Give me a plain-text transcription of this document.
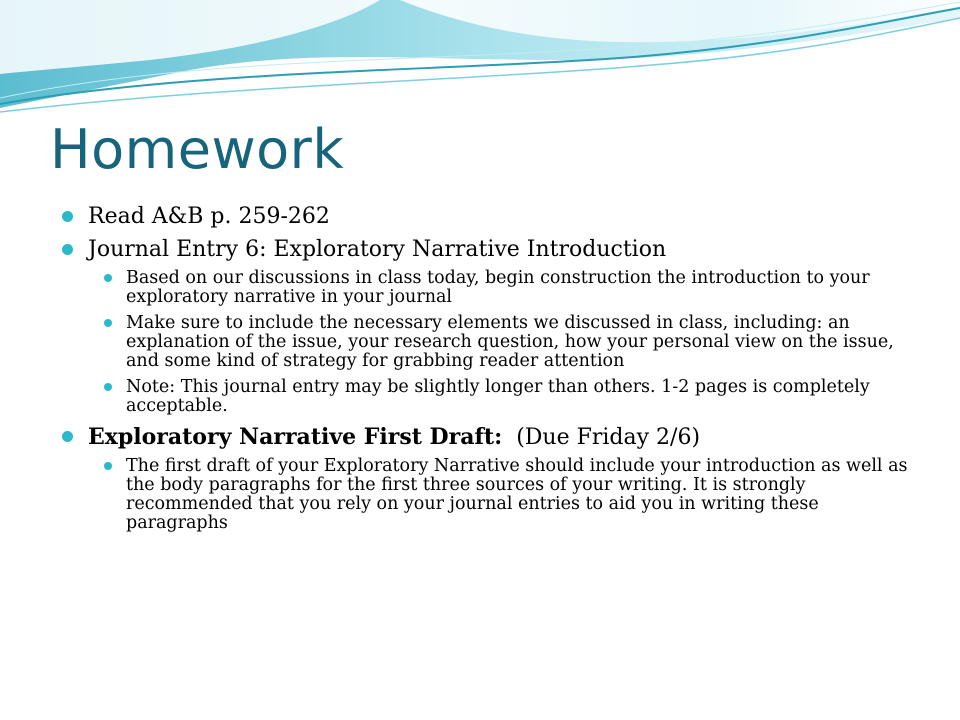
Homework
Read A&B p. 259-262
Journal Entry 6: Exploratory Narrative Introduction
Based on our discussions in class today, begin construction the introduction to your exploratory narrative in your journal
Make sure to include the necessary elements we discussed in class, including: an explanation of the issue, your research question, how your personal view on the issue, and some kind of strategy for grabbing reader attention
Note: This journal entry may be slightly longer than others. 1-2 pages is completely acceptable.
Exploratory Narrative First Draft:  (Due Friday 2/6)
The first draft of your Exploratory Narrative should include your introduction as well as the body paragraphs for the first three sources of your writing. It is strongly recommended that you rely on your journal entries to aid you in writing these paragraphs
